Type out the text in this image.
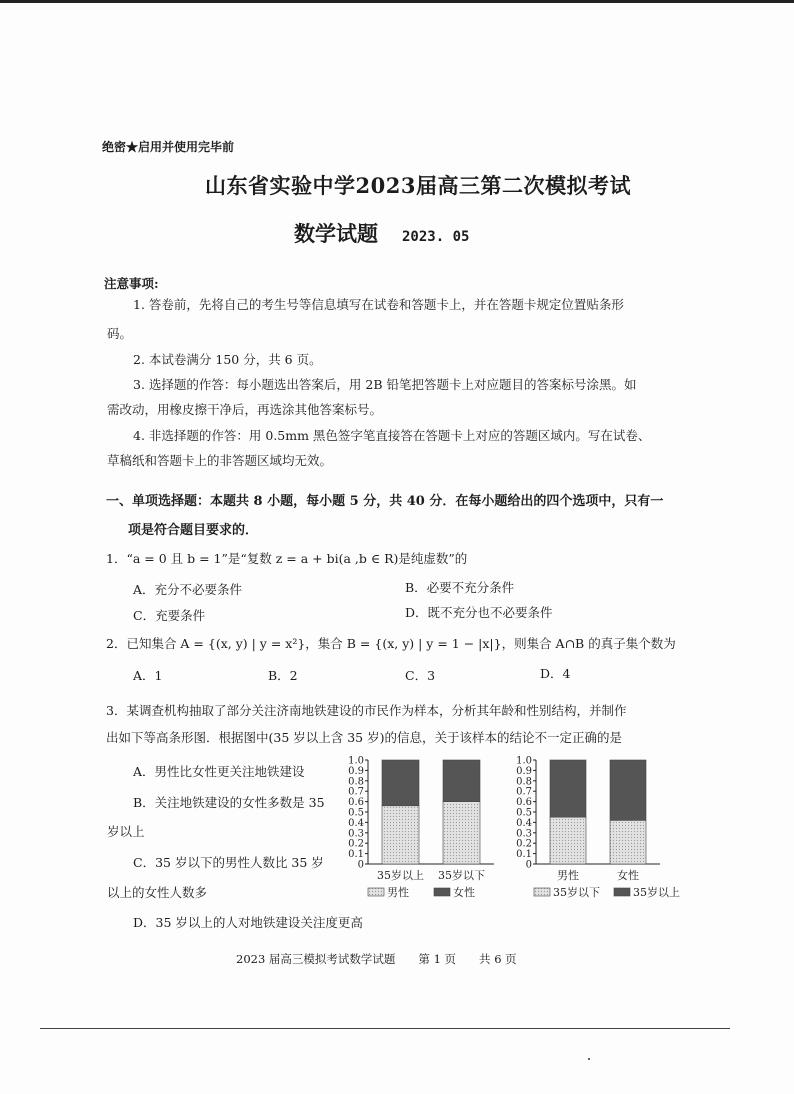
绝密★启用并使用完毕前
山东省实验中学2023届高三第二次模拟考试
数学试题 2023. 05
注意事项:
1. 答卷前，先将自己的考生号等信息填写在试卷和答题卡上，并在答题卡规定位置贴条形
码。
2. 本试卷满分 150 分，共 6 页。
3. 选择题的作答：每小题选出答案后，用 2B 铅笔把答题卡上对应题目的答案标号涂黑。如
需改动，用橡皮擦干净后，再选涂其他答案标号。
4. 非选择题的作答：用 0.5mm 黑色签字笔直接答在答题卡上对应的答题区域内。写在试卷、
草稿纸和答题卡上的非答题区域均无效。
一、单项选择题：本题共 8 小题，每小题 5 分，共 40 分．在每小题给出的四个选项中，只有一
项是符合题目要求的．
1．“a = 0 且 b = 1”是“复数 z = a + bi(a ,b ∈ R)是纯虚数”的
A．充分不必要条件	B．必要不充分条件
C．充要条件	D．既不充分也不必要条件
2．已知集合 A = {(x, y) | y = x²}，集合 B = {(x, y) | y = 1 − |x|}，则集合 A∩B 的真子集个数为
A．1	B．2	C．3	D．4
3．某调查机构抽取了部分关注济南地铁建设的市民作为样本，分析其年龄和性别结构，并制作
出如下等高条形图．根据图中(35 岁以上含 35 岁)的信息，关于该样本的结论不一定正确的是
A．男性比女性更关注地铁建设
B．关注地铁建设的女性多数是 35
岁以上
C．35 岁以下的男性人数比 35 岁
以上的女性人数多
D．35 岁以上的人对地铁建设关注度更高
0
0.1
0.2
0.3
0.4
0.5
0.6
0.7
0.8
0.9
1.0
35岁以上 35岁以下
男性	女性
0
0.1
0.2
0.3
0.4
0.5
0.6
0.7
0.8
0.9
1.0
男性	女性
35岁以下	35岁以上
2023 届高三模拟考试数学试题　　第 1 页　　共 6 页
